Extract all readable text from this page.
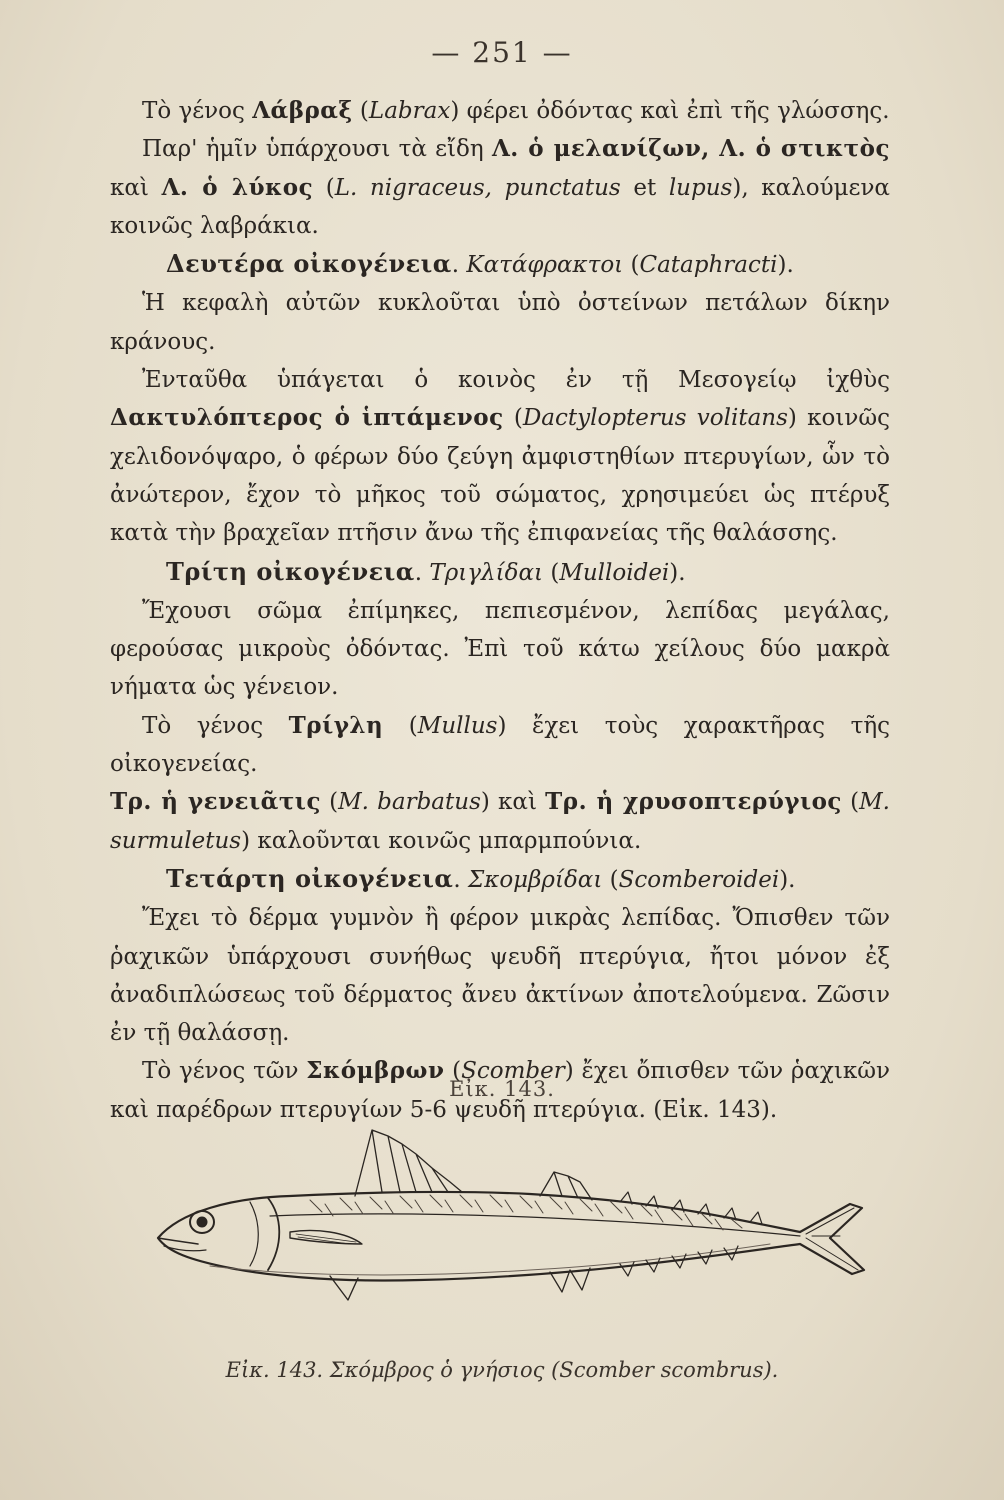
— 251 —

Τὸ γένος Λάβραξ (Labrax) φέρει ὀδόντας καὶ ἐπὶ τῆς γλώσσης.

Παρ' ἡμῖν ὑπάρχουσι τὰ εἴδη Λ. ὁ μελανίζων, Λ. ὁ στικτὸς καὶ Λ. ὁ λύκος (L. nigraceus, punctatus et lupus), καλούμενα κοινῶς λαβράκια.

Δευτέρα οἰκογένεια. Κατάφρακτοι (Cataphracti).

Ἡ κεφαλὴ αὐτῶν κυκλοῦται ὑπὸ ὀστείνων πετάλων δίκην κράνους.

Ἐνταῦθα ὑπάγεται ὁ κοινὸς ἐν τῇ Μεσογείῳ ἰχθὺς Δακτυλόπτερος ὁ ἱπτάμενος (Dactylopterus volitans) κοινῶς χελιδονόψαρο, ὁ φέρων δύο ζεύγη ἀμφιστηθίων πτερυγίων, ὧν τὸ ἀνώτερον, ἔχον τὸ μῆκος τοῦ σώματος, χρησιμεύει ὡς πτέρυξ κατὰ τὴν βραχεῖαν πτῆσιν ἄνω τῆς ἐπιφανείας τῆς θαλάσσης.

Τρίτη οἰκογένεια. Τριγλίδαι (Mulloidei).

Ἔχουσι σῶμα ἐπίμηκες, πεπιεσμένον, λεπίδας μεγάλας, φερούσας μικροὺς ὀδόντας. Ἐπὶ τοῦ κάτω χείλους δύο μακρὰ νήματα ὡς γένειον.

Τὸ γένος Τρίγλη (Mullus) ἔχει τοὺς χαρακτῆρας τῆς οἰκογενείας.

Τρ. ἡ γενειᾶτις (M. barbatus) καὶ Τρ. ἡ χρυσοπτερύγιος (M. surmuletus) καλοῦνται κοινῶς μπαρμπούνια.

Τετάρτη οἰκογένεια. Σκομβρίδαι (Scomberoidei).

Ἔχει τὸ δέρμα γυμνὸν ἢ φέρον μικρὰς λεπίδας. Ὄπισθεν τῶν ῥαχικῶν ὑπάρχουσι συνήθως ψευδῆ πτερύγια, ἤτοι μόνον ἐξ ἀναδιπλώσεως τοῦ δέρματος ἄνευ ἀκτίνων ἀποτελούμενα. Ζῶσιν ἐν τῇ θαλάσσῃ.

Τὸ γένος τῶν Σκόμβρων (Scomber) ἔχει ὄπισθεν τῶν ῥαχικῶν καὶ παρέδρων πτερυγίων 5-6 ψευδῆ πτερύγια. (Εἰκ. 143).

Εἰκ. 143.
Εἰκ. 143. Σκόμβρος ὁ γνήσιος (Scomber scombrus).
